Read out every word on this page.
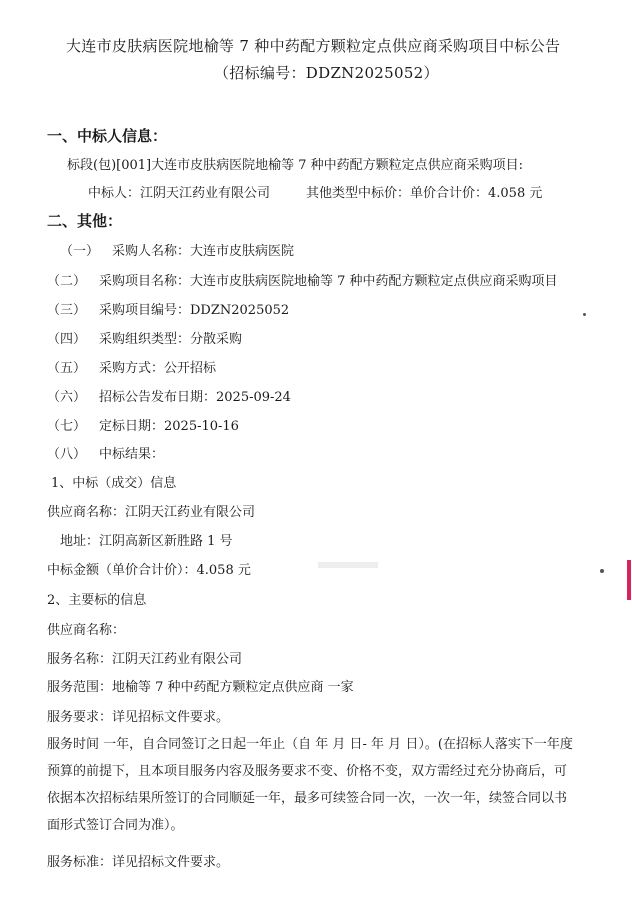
大连市皮肤病医院地榆等 7 种中药配方颗粒定点供应商采购项目中标公告
（招标编号：DDZN2025052）
一、中标人信息：
标段(包)[001]大连市皮肤病医院地榆等 7 种中药配方颗粒定点供应商采购项目:
中标人：江阴天江药业有限公司	其他类型中标价：单价合计价：4.058 元
二、其他：
（一） 采购人名称：大连市皮肤病医院
（二） 采购项目名称：大连市皮肤病医院地榆等 7 种中药配方颗粒定点供应商采购项目
（三） 采购项目编号：DDZN2025052
（四） 采购组织类型：分散采购
（五） 采购方式：公开招标
（六） 招标公告发布日期：2025-09-24
（七） 定标日期：2025-10-16
（八） 中标结果：
1、中标（成交）信息
供应商名称：江阴天江药业有限公司
地址：江阴高新区新胜路 1 号
中标金额（单价合计价）：4.058 元
2、主要标的信息
供应商名称：
服务名称：江阴天江药业有限公司
服务范围：地榆等 7 种中药配方颗粒定点供应商 一家
服务要求：详见招标文件要求。
服务时间 一年，自合同签订之日起一年止（自 年 月 日- 年 月 日）。(在招标人落实下一年度预算的前提下，且本项目服务内容及服务要求不变、价格不变，双方需经过充分协商后，可依据本次招标结果所签订的合同顺延一年，最多可续签合同一次，一次一年，续签合同以书面形式签订合同为准）。
服务标准：详见招标文件要求。
